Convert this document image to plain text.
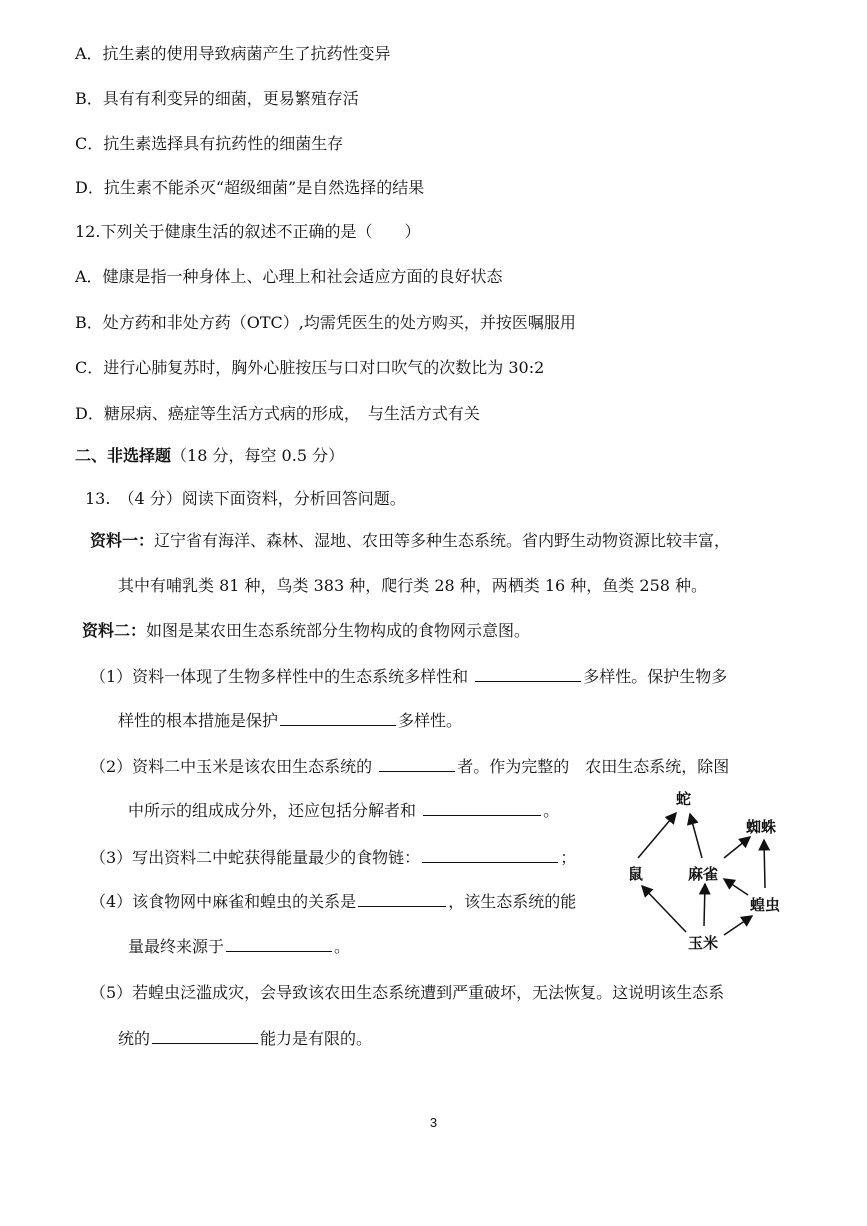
A．抗生素的使用导致病菌产生了抗药性变异
B．具有有利变异的细菌，更易繁殖存活
C．抗生素选择具有抗药性的细菌生存
D．抗生素不能杀灭“超级细菌”是自然选择的结果
12.下列关于健康生活的叙述不正确的是（　　）
A．健康是指一种身体上、心理上和社会适应方面的良好状态
B．处方药和非处方药（OTC）,均需凭医生的处方购买，并按医嘱服用
C．进行心肺复苏时，胸外心脏按压与口对口吹气的次数比为 30:2
D．糖尿病、癌症等生活方式病的形成，　与生活方式有关
二、非选择题（18 分，每空 0.5 分）
13.　（4 分）阅读下面资料，分析回答问题。
资料一：辽宁省有海洋、森林、湿地、农田等多种生态系统。省内野生动物资源比较丰富，
其中有哺乳类 81 种，鸟类 383 种，爬行类 28 种，两栖类 16 种，鱼类 258 种。
资料二：如图是某农田生态系统部分生物构成的食物网示意图。
（1）资料一体现了生物多样性中的生态系统多样性和	多样性。保护生物多
样性的根本措施是保护	多样性。
（2）资料二中玉米是该农田生态系统的	者。作为完整的　农田生态系统，除图
中所示的组成成分外，还应包括分解者和	。
（3）写出资料二中蛇获得能量最少的食物链：	；
（4）该食物网中麻雀和蝗虫的关系是	，该生态系统的能
量最终来源于	。
（5）若蝗虫泛滥成灾，会导致该农田生态系统遭到严重破坏，无法恢复。这说明该生态系
统的	能力是有限的。
蛇
蜘蛛
鼠	麻雀
蝗虫
玉米
3
